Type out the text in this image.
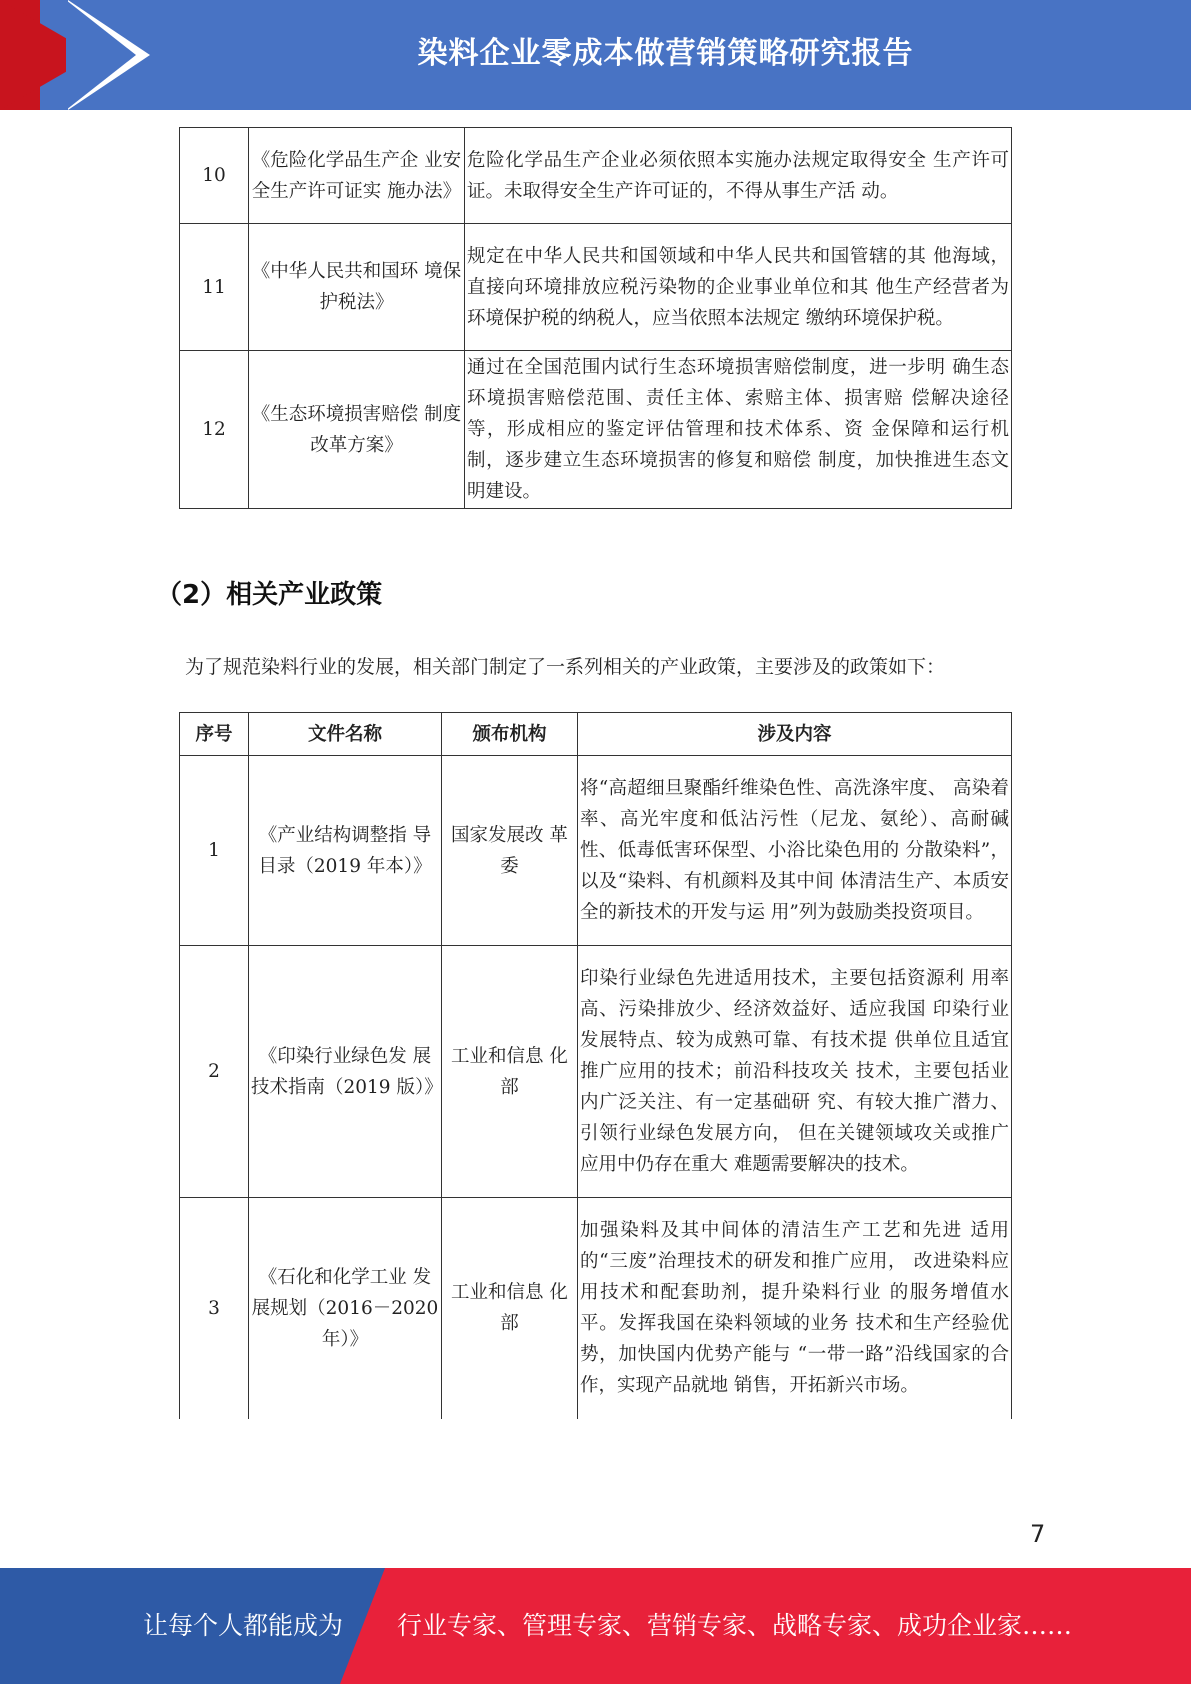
染料企业零成本做营销策略研究报告
10	《危险化学品生产企 业安全生产许可证实 施办法》	危险化学品生产企业必须依照本实施办法规定取得安全 生产许可证。未取得安全生产许可证的，不得从事生产活 动。
11	《中华人民共和国环 境保护税法》	规定在中华人民共和国领域和中华人民共和国管辖的其 他海域，直接向环境排放应税污染物的企业事业单位和其 他生产经营者为环境保护税的纳税人，应当依照本法规定 缴纳环境保护税。
12	《生态环境损害赔偿 制度改革方案》	通过在全国范围内试行生态环境损害赔偿制度，进一步明 确生态环境损害赔偿范围、责任主体、索赔主体、损害赔 偿解决途径等，形成相应的鉴定评估管理和技术体系、资 金保障和运行机制，逐步建立生态环境损害的修复和赔偿 制度，加快推进生态文明建设。
（2）相关产业政策
为了规范染料行业的发展，相关部门制定了一系列相关的产业政策，主要涉及的政策如下：
序号	文件名称	颁布机构	涉及内容
1	《产业结构调整指 导目录（2019 年本）》	国家发展改 革委	将“高超细旦聚酯纤维染色性、高洗涤牢度、 高染着率、高光牢度和低沾污性（尼龙、氨纶）、高耐碱性、低毒低害环保型、小浴比染色用的 分散染料”，以及“染料、有机颜料及其中间 体清洁生产、本质安全的新技术的开发与运 用”列为鼓励类投资项目。
2	《印染行业绿色发 展技术指南（2019 版）》	工业和信息 化部	印染行业绿色先进适用技术，主要包括资源利 用率高、污染排放少、经济效益好、适应我国 印染行业发展特点、较为成熟可靠、有技术提 供单位且适宜推广应用的技术；前沿科技攻关 技术，主要包括业内广泛关注、有一定基础研 究、有较大推广潜力、引领行业绿色发展方向， 但在关键领域攻关或推广应用中仍存在重大 难题需要解决的技术。
3	《石化和化学工业 发展规划（2016－2020 年）》	工业和信息 化部	加强染料及其中间体的清洁生产工艺和先进 适用的“三废”治理技术的研发和推广应用， 改进染料应用技术和配套助剂，提升染料行业 的服务增值水平。发挥我国在染料领域的业务 技术和生产经验优势，加快国内优势产能与 “一带一路”沿线国家的合作，实现产品就地 销售，开拓新兴市场。
7
让每个人都能成为 行业专家、管理专家、营销专家、战略专家、成功企业家……
